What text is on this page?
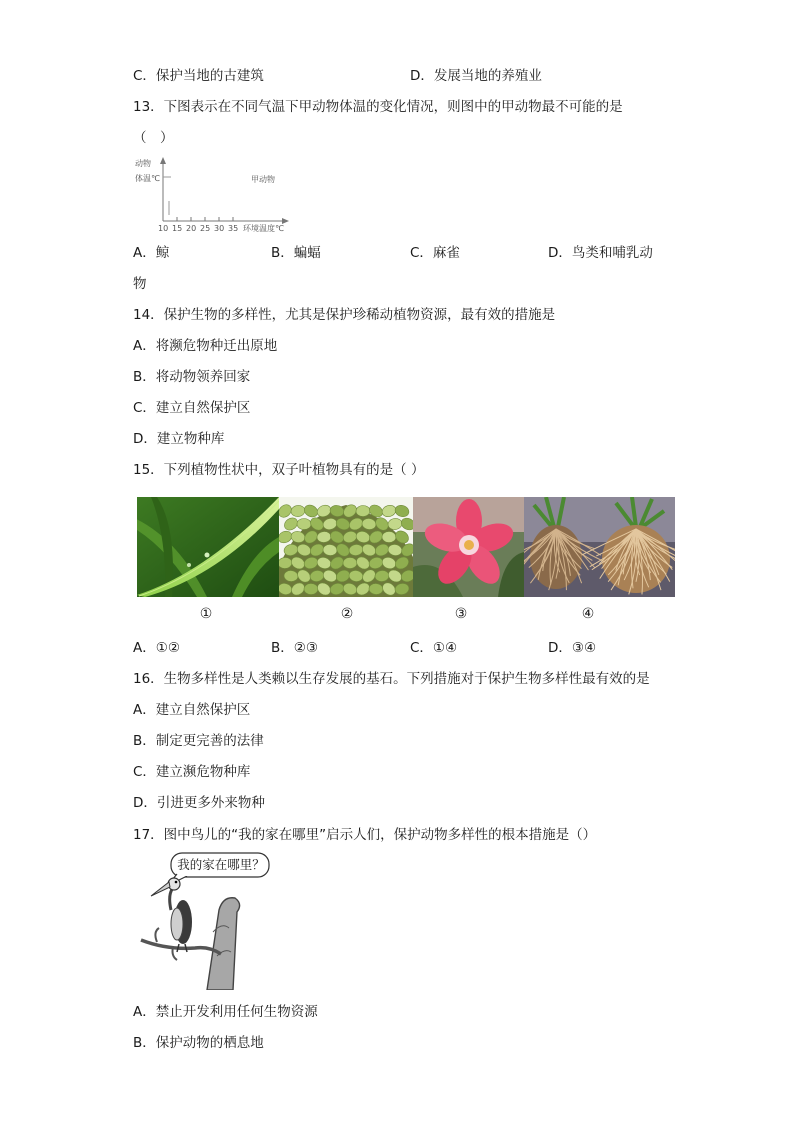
C．保护当地的古建筑	D．发展当地的养殖业
13．下图表示在不同气温下甲动物体温的变化情况，则图中的甲动物最不可能的是
（　）
动物
体温℃	甲动物
10 15 20 25 30 35 环境温度℃
A．鲸	B．蝙蝠	C．麻雀	D．鸟类和哺乳动
物
14．保护生物的多样性，尤其是保护珍稀动植物资源，最有效的措施是
A．将濒危物种迁出原地
B．将动物领养回家
C．建立自然保护区
D．建立物种库
15．下列植物性状中，双子叶植物具有的是（ ）
①	②	③	④
A．①②	B．②③	C．①④	D．③④
16．生物多样性是人类赖以生存发展的基石。下列措施对于保护生物多样性最有效的是
A．建立自然保护区
B．制定更完善的法律
C．建立濒危物种库
D．引进更多外来物种
17．图中鸟儿的“我的家在哪里”启示人们，保护动物多样性的根本措施是（）
我的家在哪里？
A．禁止开发利用任何生物资源
B．保护动物的栖息地
